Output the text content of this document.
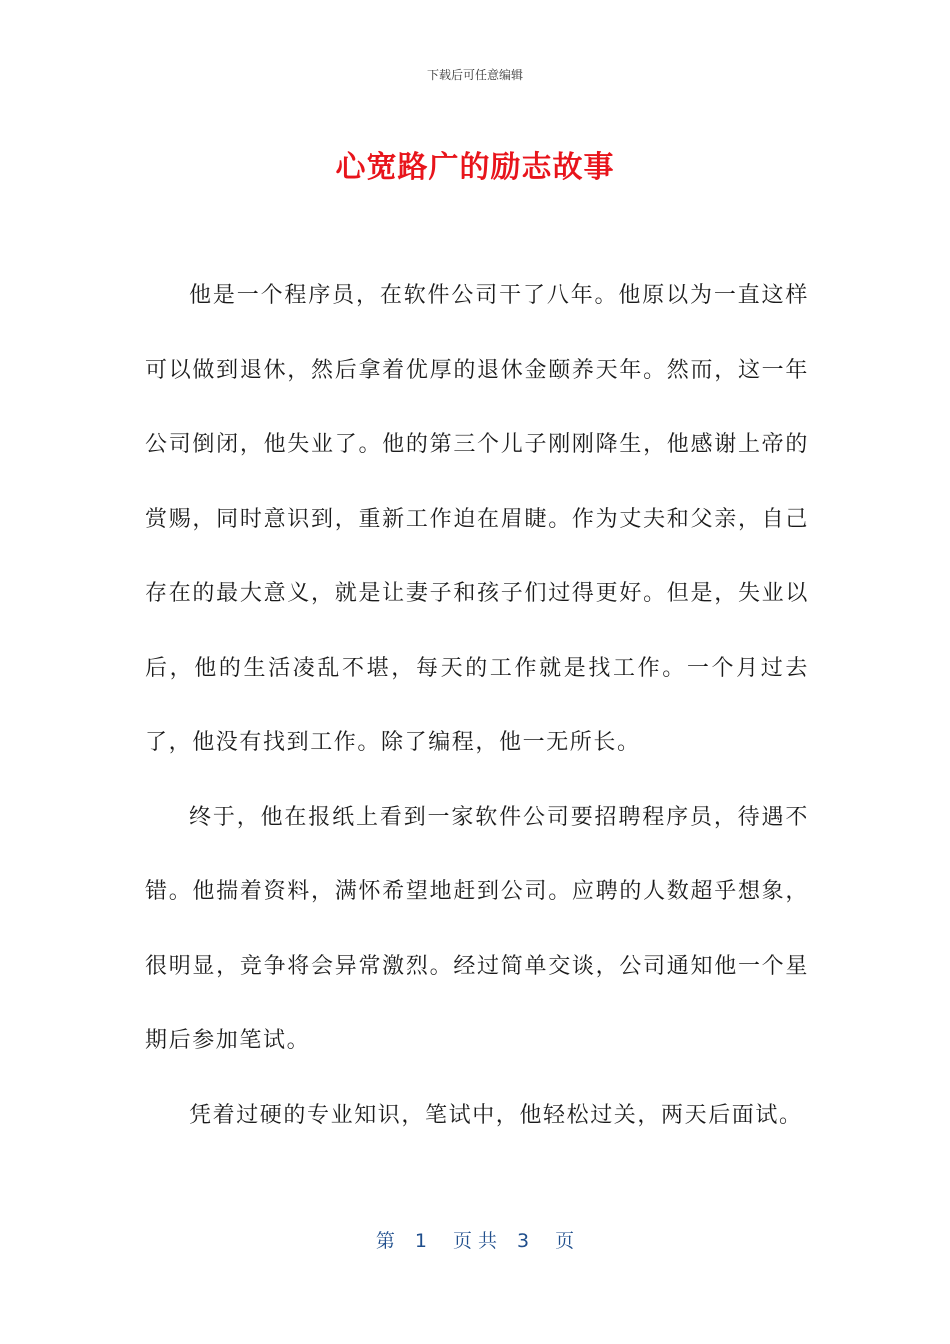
下载后可任意编辑
心宽路广的励志故事

他是一个程序员，在软件公司干了八年。他原以为一直这样可以做到退休，然后拿着优厚的退休金颐养天年。然而，这一年公司倒闭，他失业了。他的第三个儿子刚刚降生，他感谢上帝的赏赐，同时意识到，重新工作迫在眉睫。作为丈夫和父亲，自己存在的最大意义，就是让妻子和孩子们过得更好。但是，失业以后，他的生活凌乱不堪，每天的工作就是找工作。一个月过去了，他没有找到工作。除了编程，他一无所长。

终于，他在报纸上看到一家软件公司要招聘程序员，待遇不错。他揣着资料，满怀希望地赶到公司。应聘的人数超乎想象，很明显，竞争将会异常激烈。经过简单交谈，公司通知他一个星期后参加笔试。

凭着过硬的专业知识，笔试中，他轻松过关，两天后面试。

第 1 页 共 3 页
